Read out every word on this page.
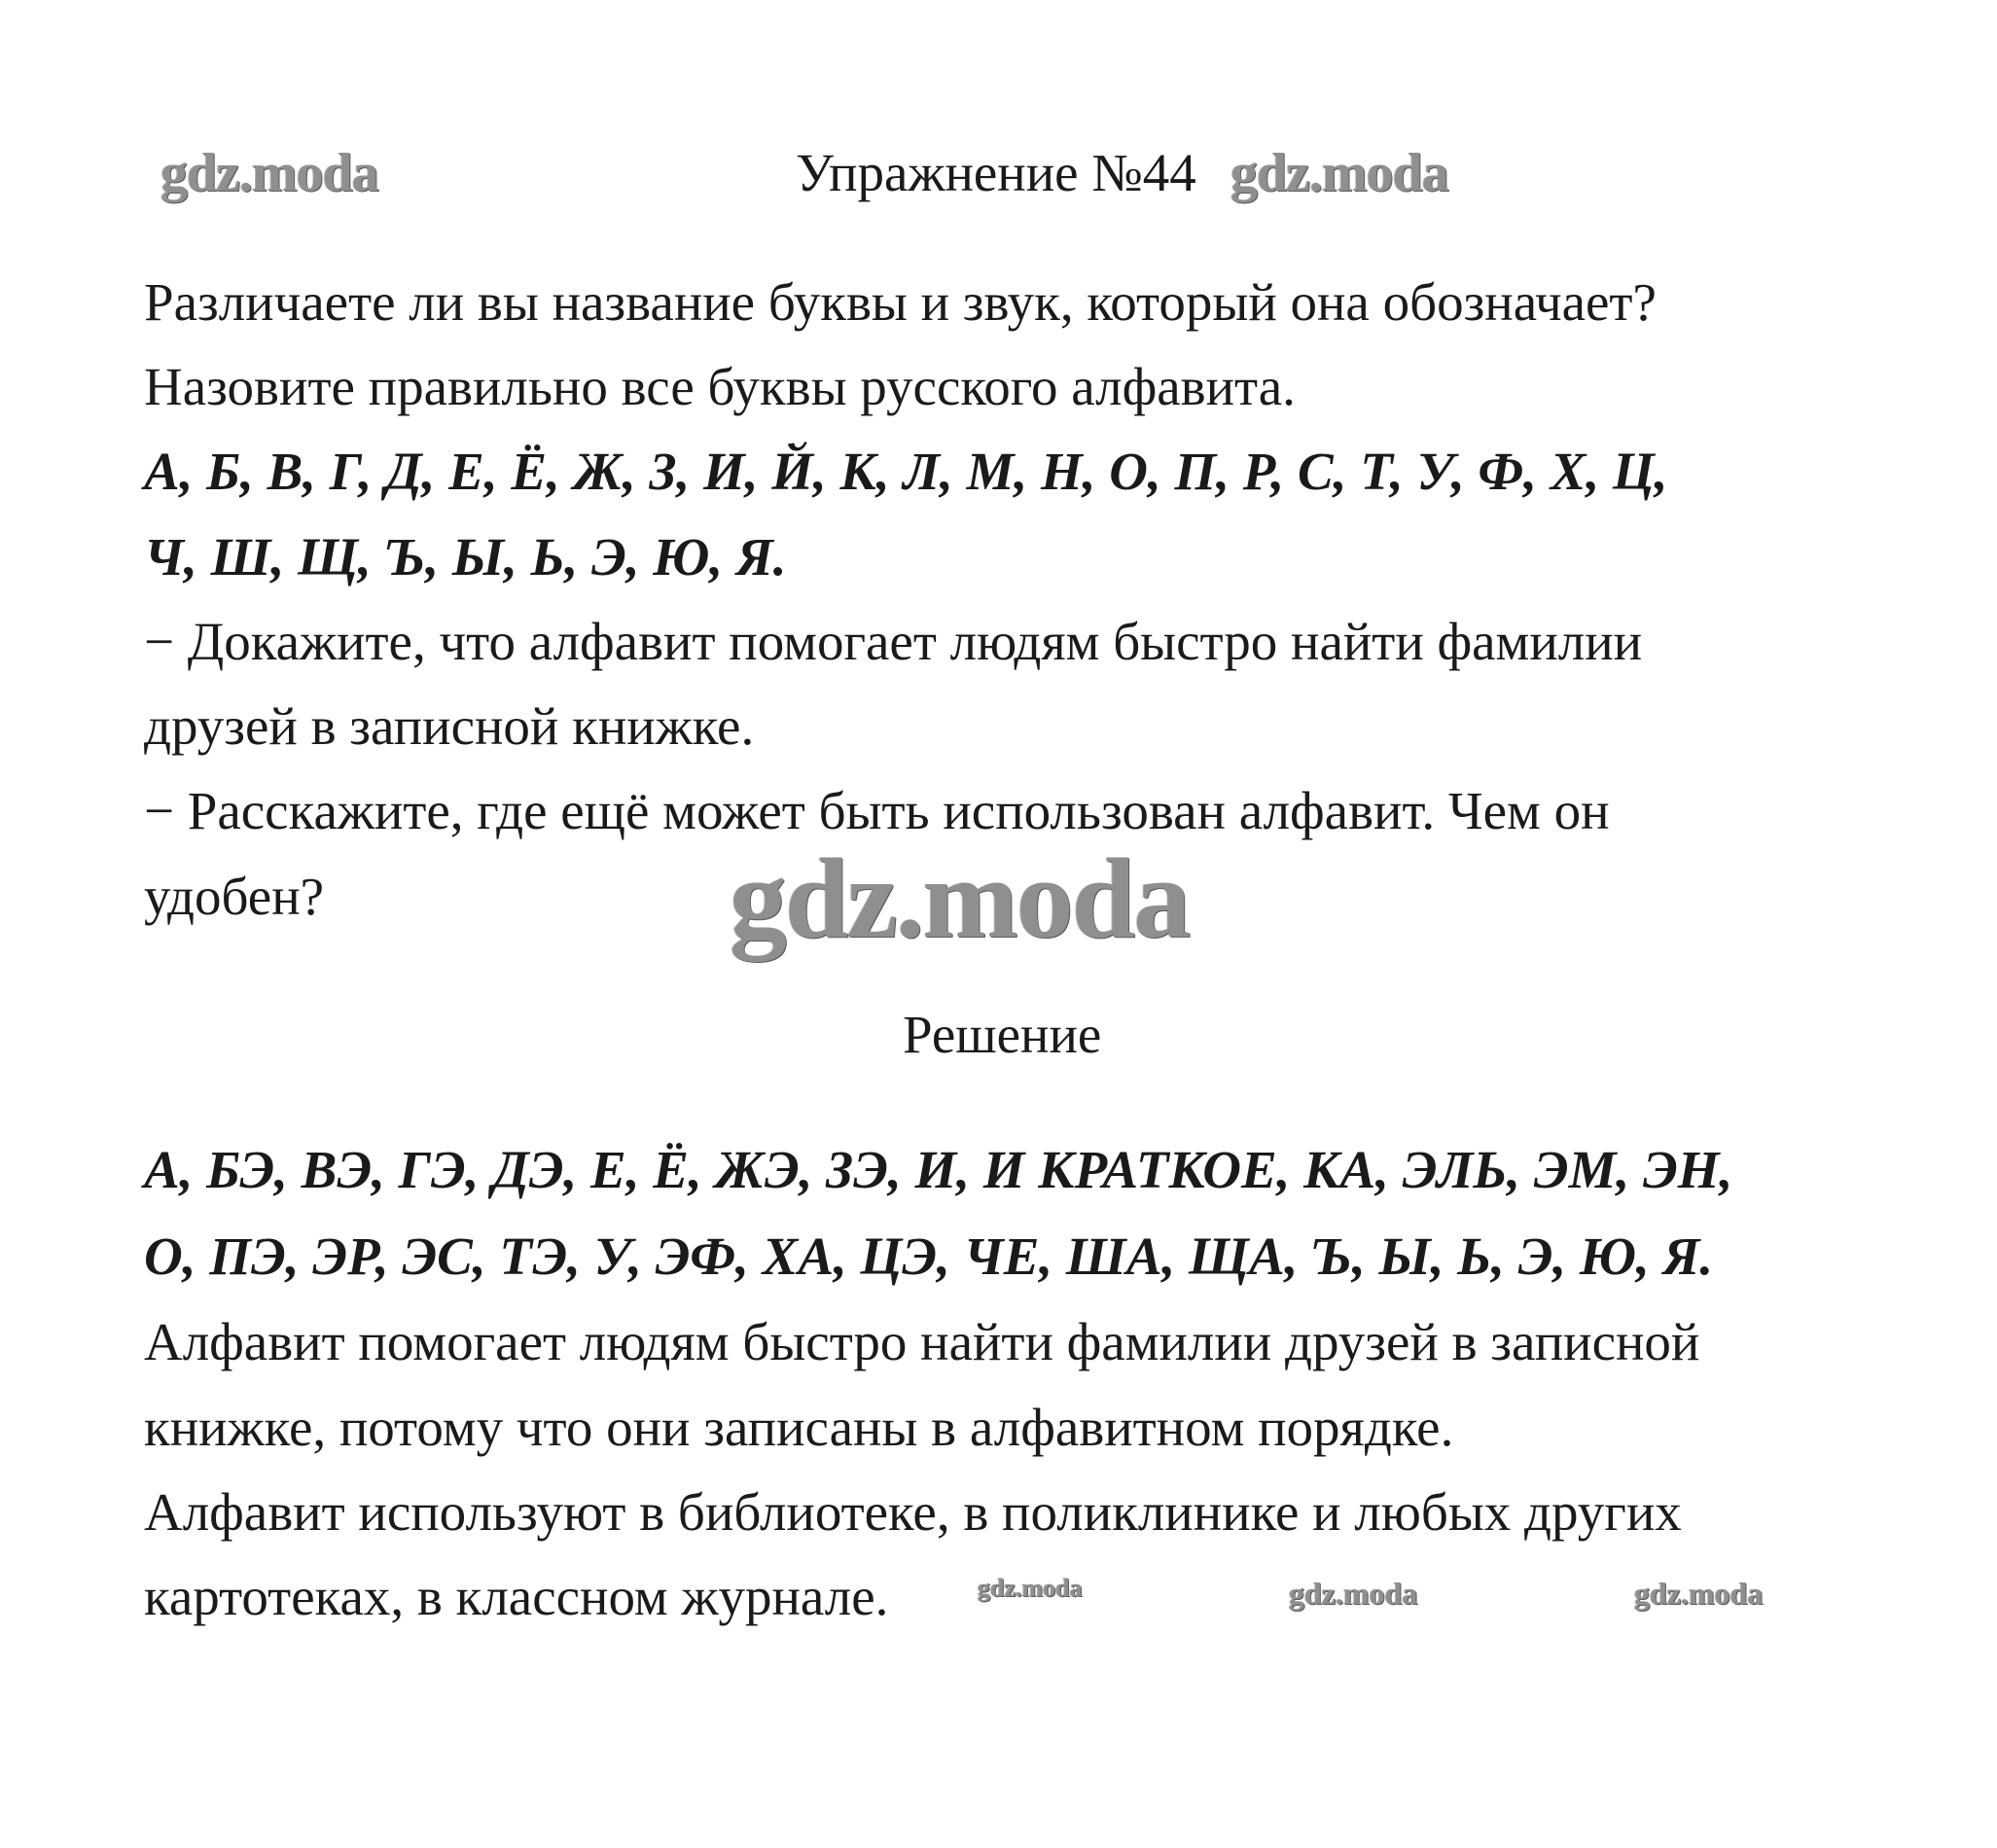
gdz.moda	gdz.moda
gdz.moda
gdz.moda	gdz.moda	gdz.moda
Упражнение №44

Различаете ли вы название буквы и звук, который она обозначает?

Назовите правильно все буквы русского алфавита.

А, Б, В, Г, Д, Е, Ё, Ж, З, И, Й, К, Л, М, Н, О, П, Р, С, Т, У, Ф, Х, Ц,

Ч, Ш, Щ, Ъ, Ы, Ь, Э, Ю, Я.

− Докажите, что алфавит помогает людям быстро найти фамилии

друзей в записной книжке.

− Расскажите, где ещё может быть использован алфавит. Чем он

удобен?

Решение

А, БЭ, ВЭ, ГЭ, ДЭ, Е, Ё, ЖЭ, ЗЭ, И, И КРАТКОЕ, КА, ЭЛЬ, ЭМ, ЭН,

О, ПЭ, ЭР, ЭС, ТЭ, У, ЭФ, ХА, ЦЭ, ЧЕ, ША, ЩА, Ъ, Ы, Ь, Э, Ю, Я.

Алфавит помогает людям быстро найти фамилии друзей в записной

книжке, потому что они записаны в алфавитном порядке.

Алфавит используют в библиотеке, в поликлинике и любых других

картотеках, в классном журнале.
